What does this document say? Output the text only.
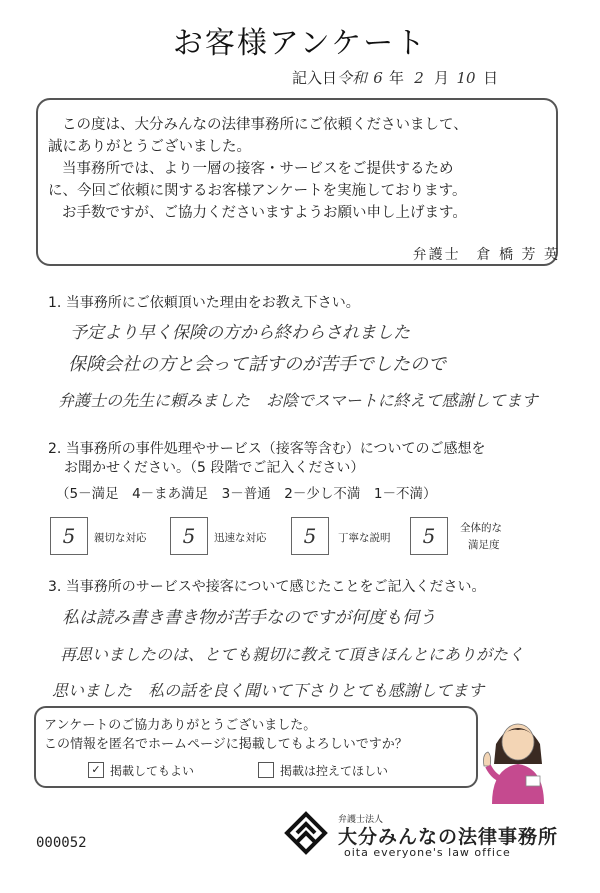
お客様アンケート
記入日令和 6 年 2 月 10 日

この度は、大分みんなの法律事務所にご依頼くださいまして、

誠にありがとうございました。

当事務所では、より一層の接客・サービスをご提供するため

に、今回ご依頼に関するお客様アンケートを実施しております。

お手数ですが、ご協力くださいますようお願い申し上げます。

弁護士　倉 橋 芳 英
1. 当事務所にご依頼頂いた理由をお教え下さい。
予定より早く保険の方から終わらされました
保険会社の方と会って話すのが苦手でしたので
弁護士の先生に頼みました　お陰でスマートに終えて感謝してます
2. 当事務所の事件処理やサービス（接客等含む）についてのご感想を
お聞かせください。（5 段階でご記入ください）
（5－満足　4－まあ満足　3－普通　2－少し不満　1－不満）
5	親切な対応	5	迅速な対応	5	丁寧な説明	5	全体的な
満足度
3. 当事務所のサービスや接客について感じたことをご記入ください。
私は読み書き書き物が苦手なのですが何度も伺う
再思いましたのは、とても親切に教えて頂きほんとにありがたく
思いました　私の話を良く聞いて下さりとても感謝してます
アンケートのご協力ありがとうございました。
この情報を匿名でホームページに掲載してもよろしいですか？
✓ 掲載してもよい	掲載は控えてほしい
000052
弁護士法人
大分みんなの法律事務所
oita everyone's law office
